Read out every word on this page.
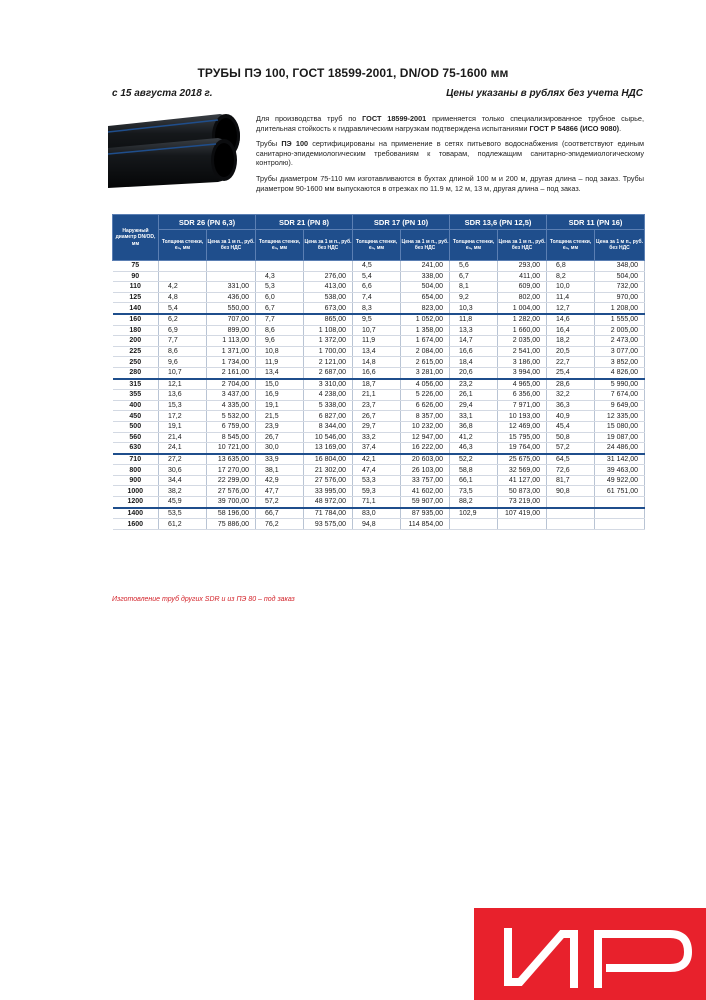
ТРУБЫ ПЭ 100, ГОСТ 18599-2001, DN/OD 75-1600 мм
с 15 августа 2018 г.	Цены указаны в рублях без учета НДС

Для производства труб по ГОСТ 18599-2001 применяется только специализированное трубное сырье, длительная стойкость к гидравлическим нагрузкам подтверждена испытаниями ГОСТ Р 54866 (ИСО 9080).

Трубы ПЭ 100 сертифицированы на применение в сетях питьевого водоснабжения (соответствуют единым санитарно-эпидемиологическим требованиям к товарам, подлежащим санитарно-эпидемиологическому контролю).

Трубы диаметром 75-110 мм изготавливаются в бухтах длиной 100 м и 200 м, другая длина – под заказ. Трубы диаметром 90-1600 мм выпускаются в отрезках по 11.9 м, 12 м, 13 м, другая длина – под заказ.

Наружный диаметр DN/OD, мм	SDR 26 (PN 6,3)		SDR 21 (PN 8)		SDR 17 (PN 10)		SDR 13,6 (PN 12,5)		SDR 11 (PN 16)	
	Толщина стенки, eₙ, мм	Цена за 1 м п., руб. без НДС	Толщина стенки, eₙ, мм	Цена за 1 м п., руб. без НДС	Толщина стенки, eₙ, мм	Цена за 1 м п., руб. без НДС	Толщина стенки, eₙ, мм	Цена за 1 м п., руб. без НДС	Толщина стенки, eₙ, мм	Цена за 1 м п., руб. без НДС
75					4,5	241,00	5,6	293,00	6,8	348,00
90			4,3	276,00	5,4	338,00	6,7	411,00	8,2	504,00
110	4,2	331,00	5,3	413,00	6,6	504,00	8,1	609,00	10,0	732,00
125	4,8	436,00	6,0	538,00	7,4	654,00	9,2	802,00	11,4	970,00
140	5,4	550,00	6,7	673,00	8,3	823,00	10,3	1 004,00	12,7	1 208,00
160	6,2	707,00	7,7	865,00	9,5	1 052,00	11,8	1 282,00	14,6	1 555,00
180	6,9	899,00	8,6	1 108,00	10,7	1 358,00	13,3	1 660,00	16,4	2 005,00
200	7,7	1 113,00	9,6	1 372,00	11,9	1 674,00	14,7	2 035,00	18,2	2 473,00
225	8,6	1 371,00	10,8	1 700,00	13,4	2 084,00	16,6	2 541,00	20,5	3 077,00
250	9,6	1 734,00	11,9	2 121,00	14,8	2 615,00	18,4	3 186,00	22,7	3 852,00
280	10,7	2 161,00	13,4	2 687,00	16,6	3 281,00	20,6	3 994,00	25,4	4 826,00
315	12,1	2 704,00	15,0	3 310,00	18,7	4 056,00	23,2	4 965,00	28,6	5 990,00
355	13,6	3 437,00	16,9	4 238,00	21,1	5 226,00	26,1	6 356,00	32,2	7 674,00
400	15,3	4 335,00	19,1	5 338,00	23,7	6 626,00	29,4	7 971,00	36,3	9 649,00
450	17,2	5 532,00	21,5	6 827,00	26,7	8 357,00	33,1	10 193,00	40,9	12 335,00
500	19,1	6 759,00	23,9	8 344,00	29,7	10 232,00	36,8	12 469,00	45,4	15 080,00
560	21,4	8 545,00	26,7	10 546,00	33,2	12 947,00	41,2	15 795,00	50,8	19 087,00
630	24,1	10 721,00	30,0	13 169,00	37,4	16 222,00	46,3	19 764,00	57,2	24 486,00
710	27,2	13 635,00	33,9	16 804,00	42,1	20 603,00	52,2	25 675,00	64,5	31 142,00
800	30,6	17 270,00	38,1	21 302,00	47,4	26 103,00	58,8	32 569,00	72,6	39 463,00
900	34,4	22 299,00	42,9	27 576,00	53,3	33 757,00	66,1	41 127,00	81,7	49 922,00
1000	38,2	27 576,00	47,7	33 995,00	59,3	41 602,00	73,5	50 873,00	90,8	61 751,00
1200	45,9	39 700,00	57,2	48 972,00	71,1	59 907,00	88,2	73 219,00		
1400	53,5	58 196,00	66,7	71 784,00	83,0	87 935,00	102,9	107 419,00		
1600	61,2	75 886,00	76,2	93 575,00	94,8	114 854,00				
Изготовление труб других SDR и из ПЭ 80 – под заказ
